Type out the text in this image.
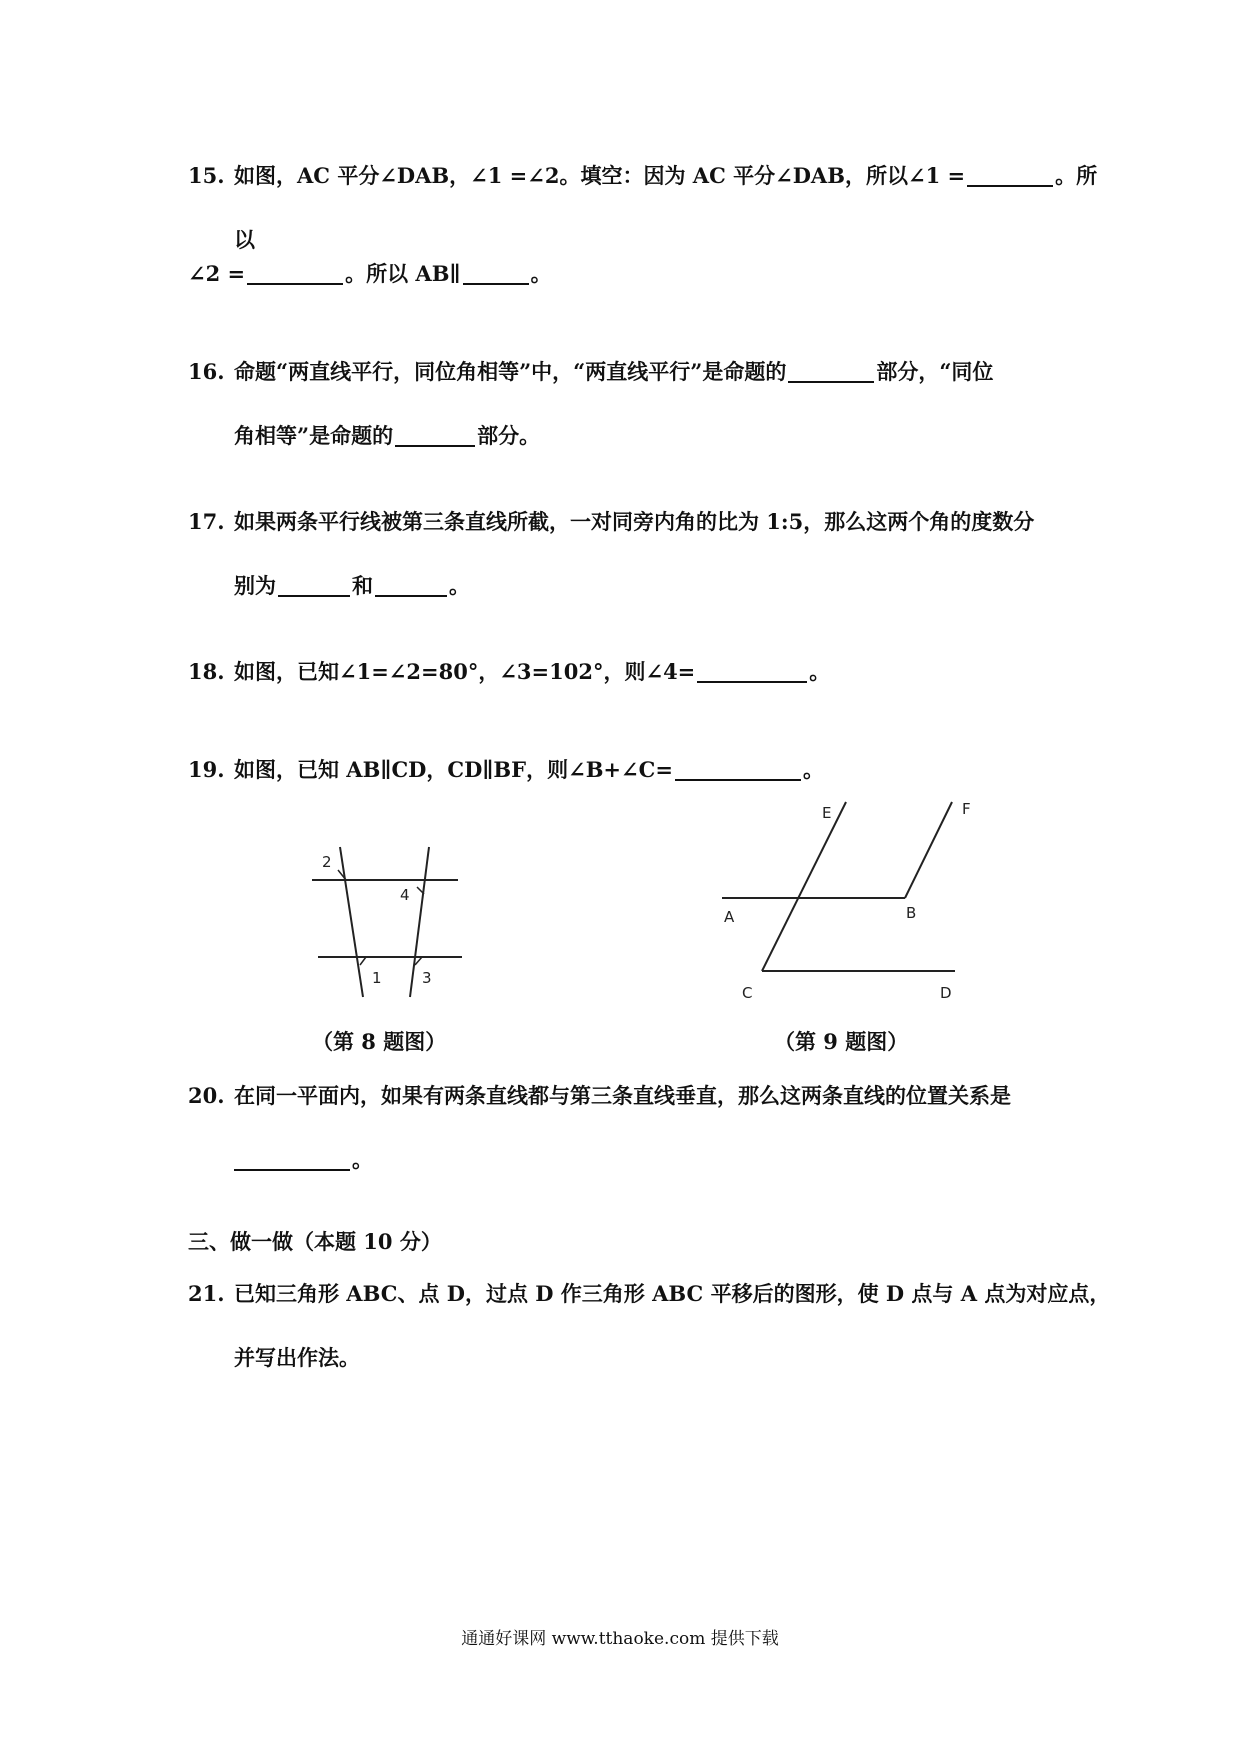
15. 如图，AC 平分∠DAB，∠1 =∠2。填空：因为 AC 平分∠DAB，所以∠1 =	。所
以
∠2 =	。所以 AB∥	。
16. 命题“两直线平行，同位角相等”中，“两直线平行”是命题的	部分，“同位
角相等”是命题的	部分。
17. 如果两条平行线被第三条直线所截，一对同旁内角的比为 1:5，那么这两个角的度数分
别为	和	。
18. 如图，已知∠1=∠2=80°，∠3=102°，则∠4=	。
19. 如图，已知 AB∥CD，CD∥BF，则∠B+∠C=	。
2
4
1	3
E	F
A	B
C	D
（第 8 题图）	（第 9 题图）
20. 在同一平面内，如果有两条直线都与第三条直线垂直，那么这两条直线的位置关系是
。
三、做一做（本题 10 分）
21. 已知三角形 ABC、点 D，过点 D 作三角形 ABC 平移后的图形，使 D 点与 A 点为对应点，
并写出作法。
通通好课网 www.tthaoke.com 提供下载
